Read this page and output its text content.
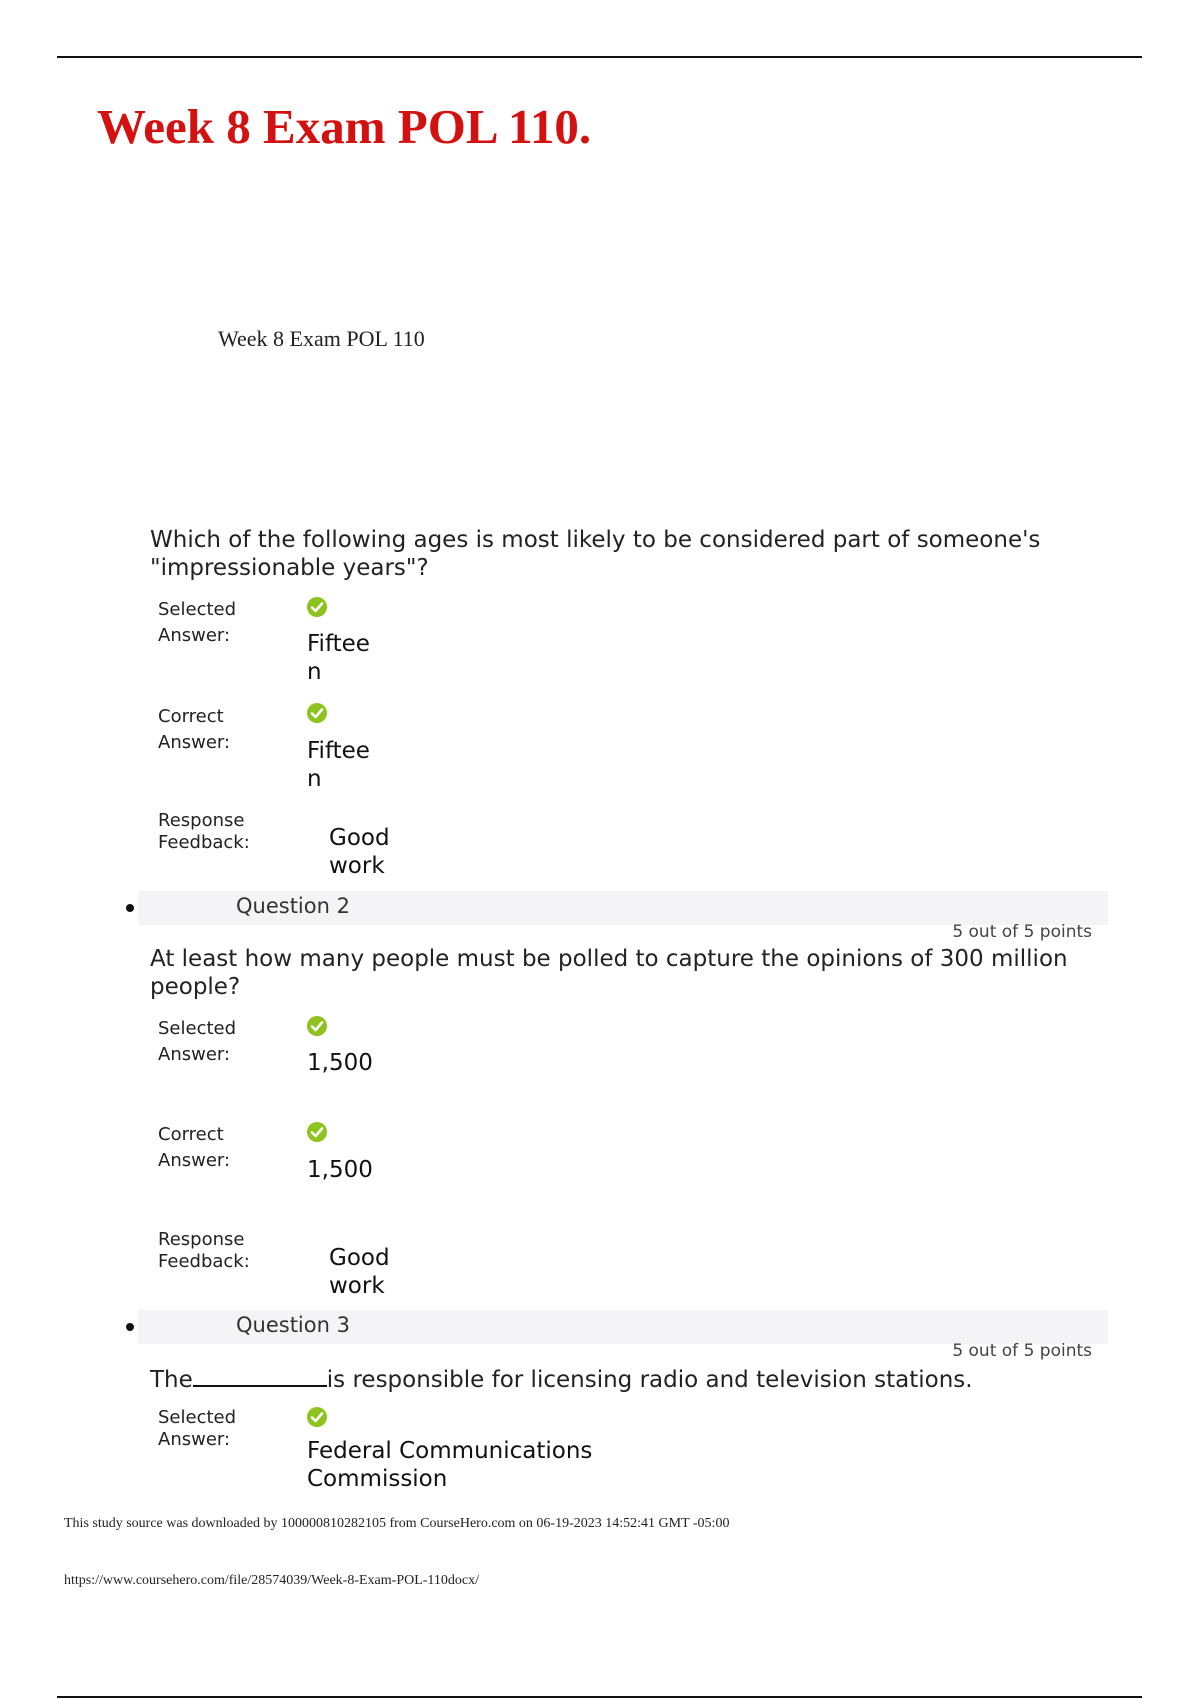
Week 8 Exam POL 110.
Week 8 Exam POL 110
Which of the following ages is most likely to be considered part of someone's "impressionable years"?
Selected
Answer:	Fifteen
Correct
Answer:	Fifteen
Response
Feedback:	Good work
Question 2
5 out of 5 points
At least how many people must be polled to capture the opinions of 300 million people?
Selected
Answer:	1,500
Correct
Answer:	1,500
Response
Feedback:	Good work
Question 3
5 out of 5 points
The	is responsible for licensing radio and television stations.
Selected
Answer:	Federal Communications Commission
This study source was downloaded by 100000810282105 from CourseHero.com on 06-19-2023 14:52:41 GMT -05:00
https://www.coursehero.com/file/28574039/Week-8-Exam-POL-110docx/
